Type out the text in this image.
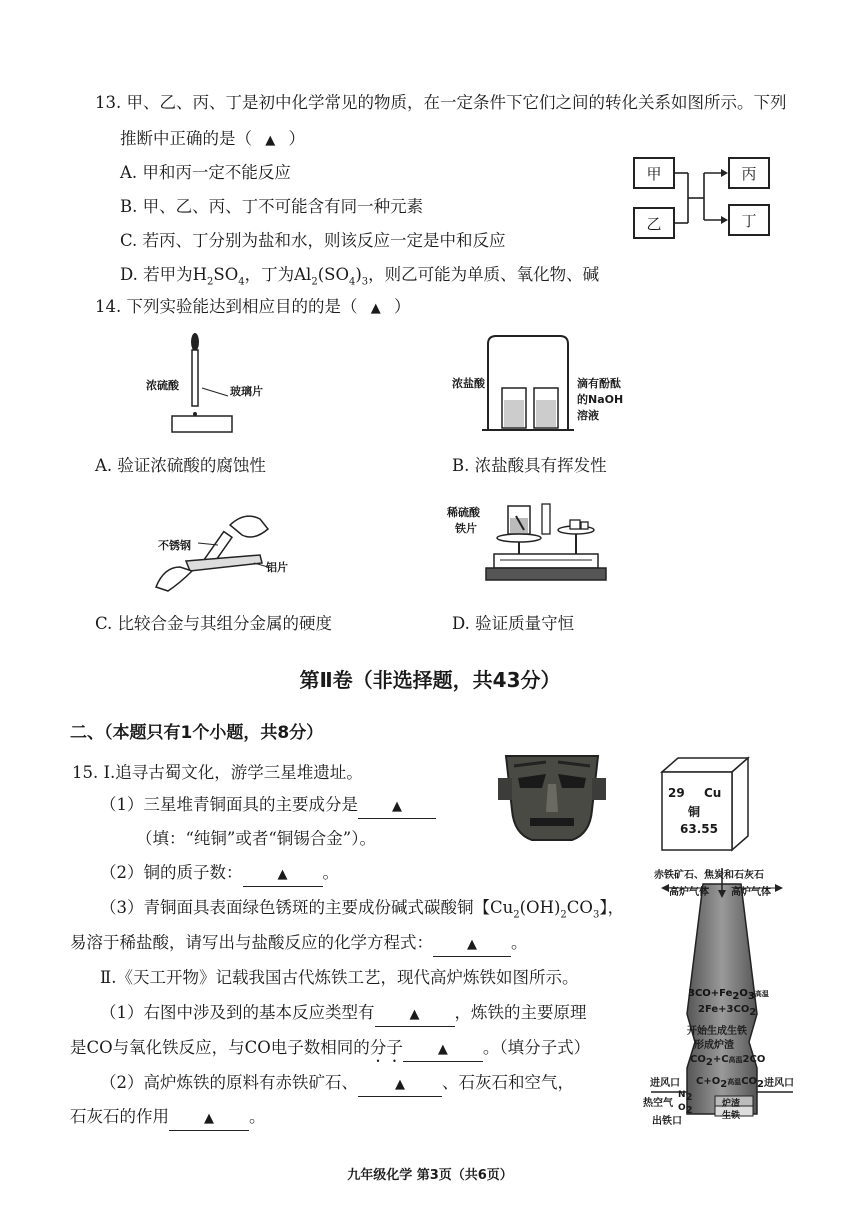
13. 甲、乙、丙、丁是初中化学常见的物质，在一定条件下它们之间的转化关系如图所示。下列
推断中正确的是（ ▲ ）
A. 甲和丙一定不能反应
B. 甲、乙、丙、丁不可能含有同一种元素
C. 若丙、丁分别为盐和水，则该反应一定是中和反应
D. 若甲为$H_2SO_4$，丁为$Al_2(SO_4)_3$，则乙可能为单质、氧化物、碱
甲
乙
丙
丁
14. 下列实验能达到相应目的的是（ ▲ ）
浓硫酸	玻璃片
A. 验证浓硫酸的腐蚀性
浓盐酸	滴有酚酞
的NaOH
溶液
B. 浓盐酸具有挥发性
不锈钢
铝片
C. 比较合金与其组分金属的硬度
稀硫酸
铁片
D. 验证质量守恒
第Ⅱ卷（非选择题，共43分）
二、（本题只有1个小题，共8分）
15. Ⅰ.追寻古蜀文化，游学三星堆遗址。
（1）三星堆青铜面具的主要成分是	▲
（填：“纯铜”或者“铜锡合金”）。
（2）铜的质子数：	▲ 。
（3）青铜面具表面绿色锈斑的主要成份碱式碳酸铜【$Cu_2(OH)_2CO_3$】，
易溶于稀盐酸，请写出与盐酸反应的化学方程式：	▲ 。
Ⅱ.《天工开物》记载我国古代炼铁工艺，现代高炉炼铁如图所示。
（1）右图中涉及到的基本反应类型有	▲ ，炼铁的主要原理
是CO与氧化铁反应，与CO电子数相同的分子	▲ 。（填分子式）
（2）高炉炼铁的原料有赤铁矿石、	▲ 、石灰石和空气，
石灰石的作用	▲ 。
29 Cu
铜
63.55
赤铁矿石、焦炭和石灰石
高炉气体 高炉气体
$3CO+Fe_2O_3$高温
$2Fe+3CO_2$
开始生成生铁
形成炉渣
$CO_2+C$高温2CO
$C+O_2$高温$CO_2$
进风口	进风口
热空气
$N_2$
$O_2$
炉渣
生铁
出铁口
九年级化学 第3页（共6页）
